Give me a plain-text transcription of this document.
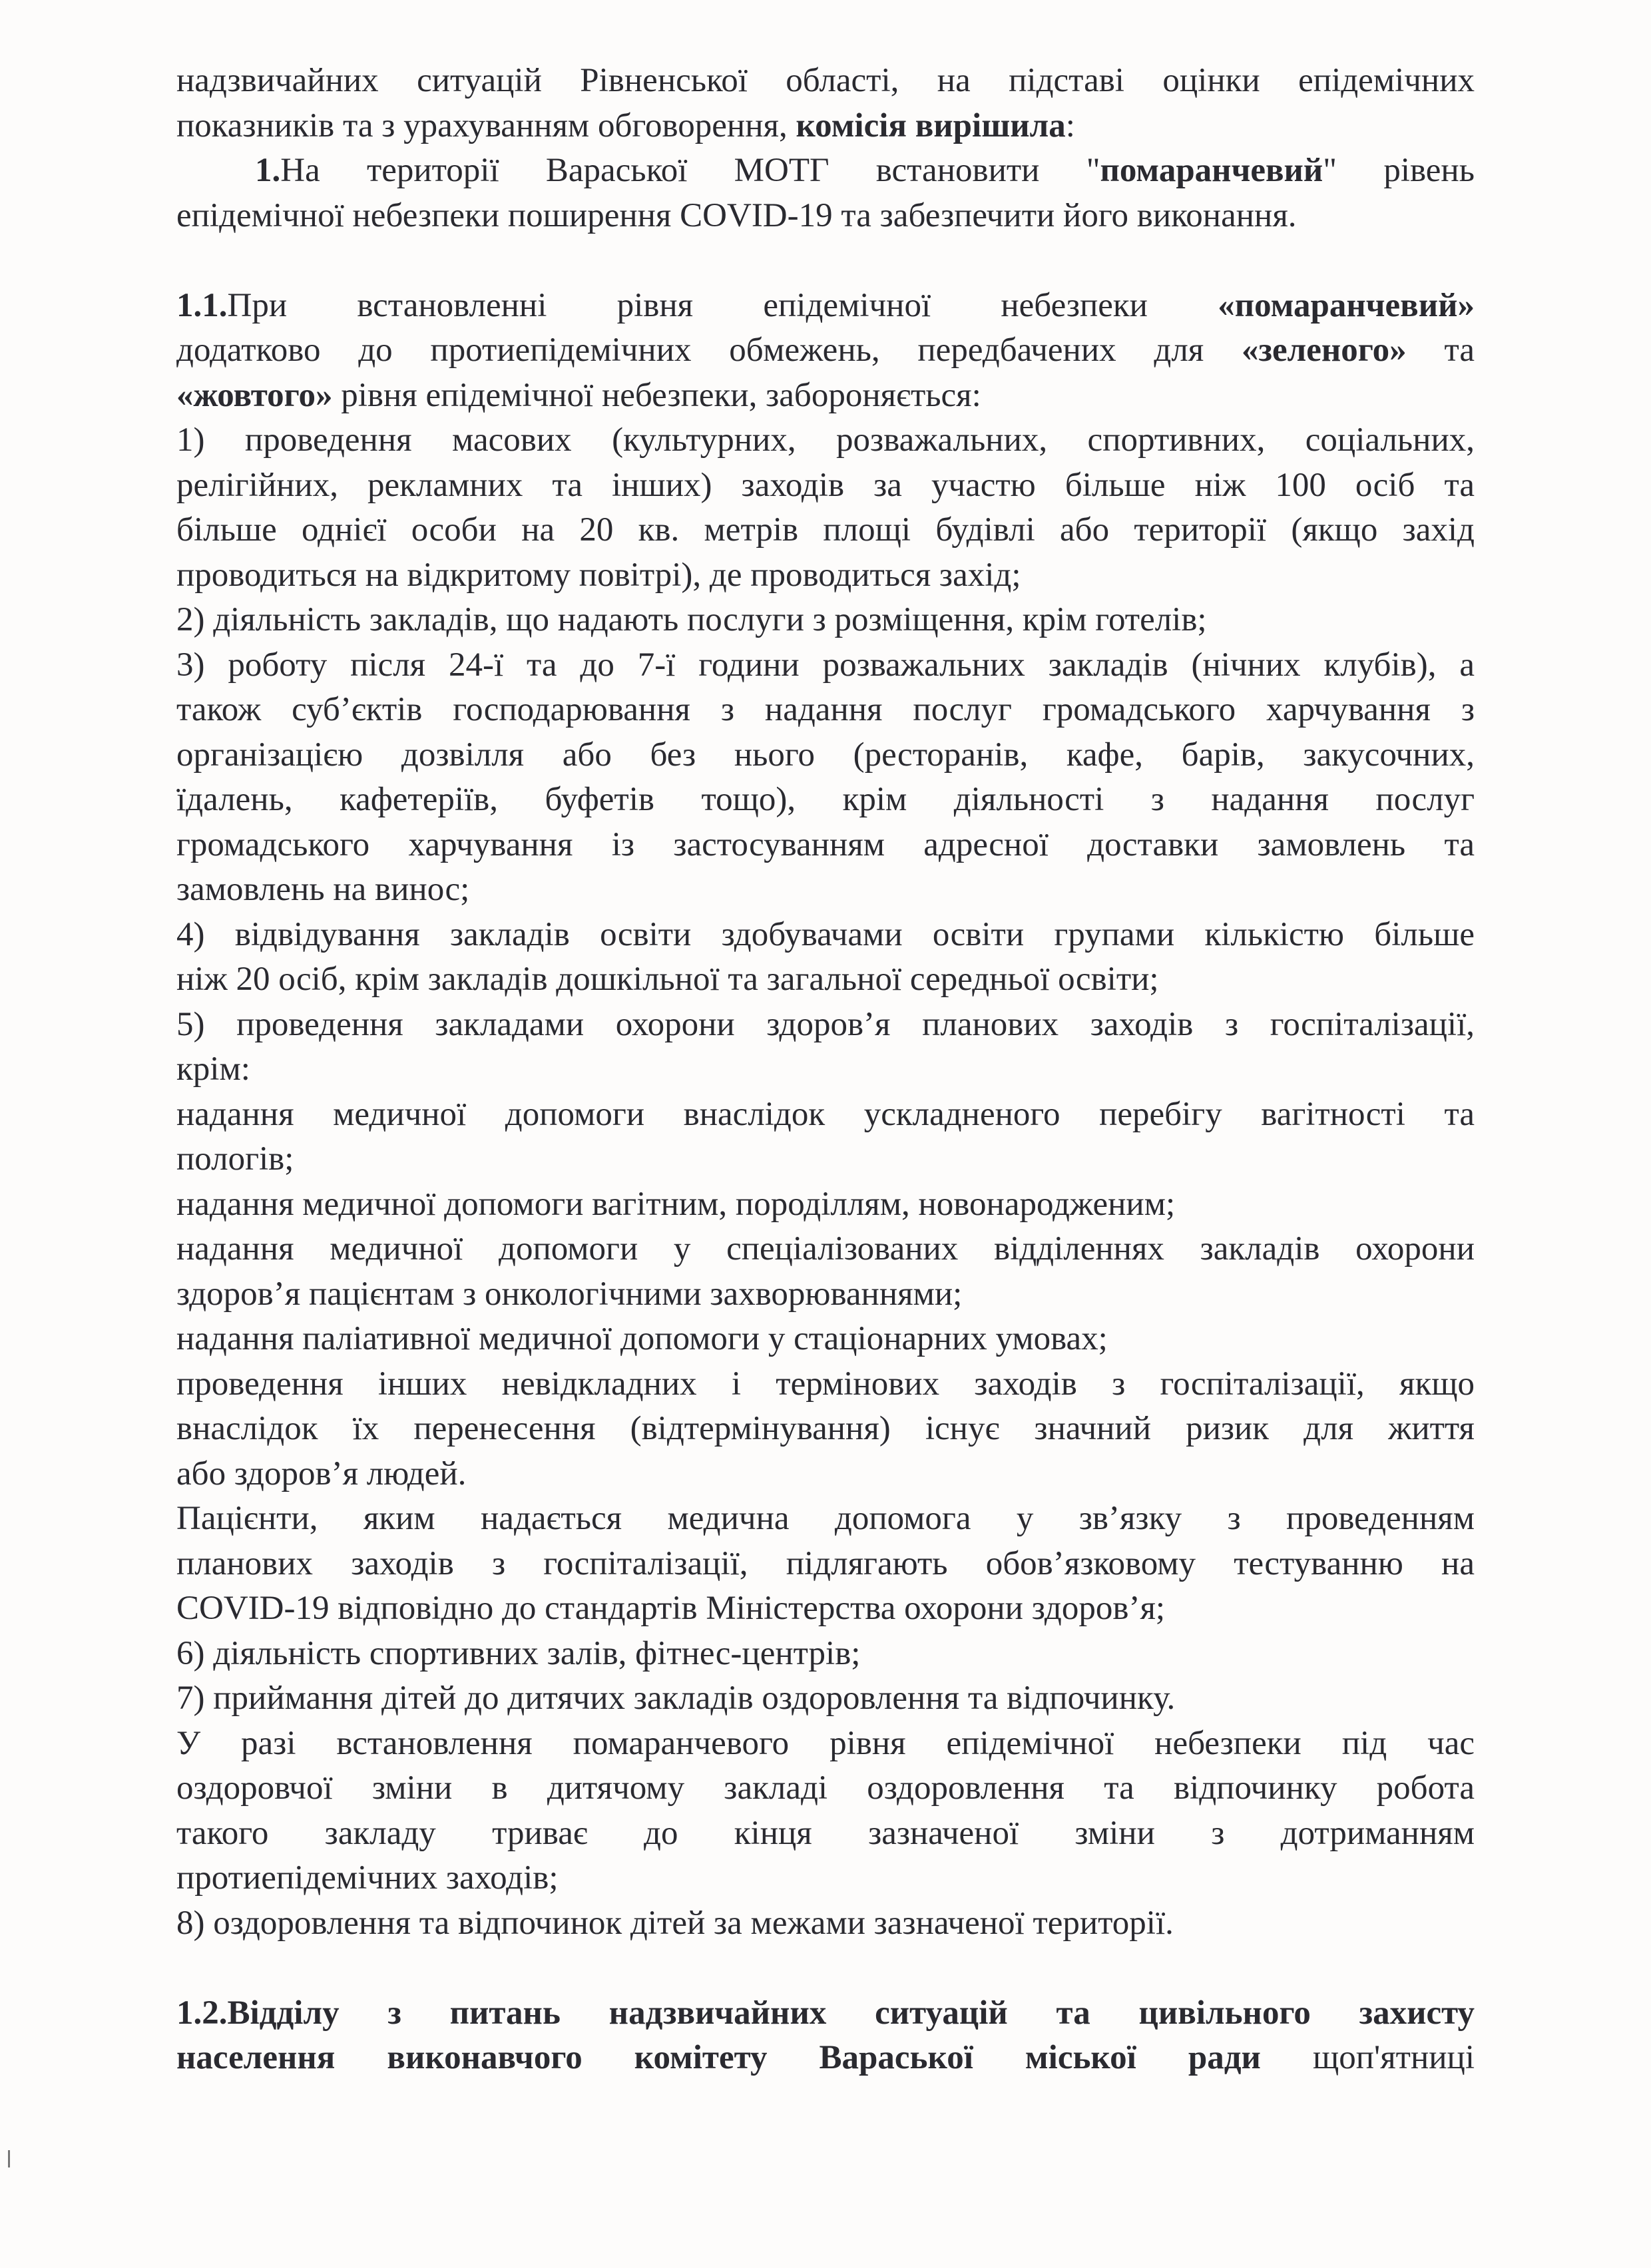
надзвичайних ситуацій Рівненської області, на підставі оцінки епідемічних
показників та з урахуванням обговорення, комісія вирішила:
1.На території Вараської МОТГ встановити "помаранчевий" рівень
епідемічної небезпеки поширення COVID-19 та забезпечити його виконання.
1.1.При встановленні рівня епідемічної небезпеки «помаранчевий»
додатково до протиепідемічних обмежень, передбачених для «зеленого» та
«жовтого» рівня епідемічної небезпеки, забороняється:
1) проведення масових (культурних, розважальних, спортивних, соціальних,
релігійних, рекламних та інших) заходів за участю більше ніж 100 осіб та
більше однієї особи на 20 кв. метрів площі будівлі або території (якщо захід
проводиться на відкритому повітрі), де проводиться захід;
2) діяльність закладів, що надають послуги з розміщення, крім готелів;
3) роботу після 24-ї та до 7-ї години розважальних закладів (нічних клубів), а
також суб’єктів господарювання з надання послуг громадського харчування з
організацією дозвілля або без нього (ресторанів, кафе, барів, закусочних,
їдалень, кафетеріїв, буфетів тощо), крім діяльності з надання послуг
громадського харчування із застосуванням адресної доставки замовлень та
замовлень на винос;
4) відвідування закладів освіти здобувачами освіти групами кількістю більше
ніж 20 осіб, крім закладів дошкільної та загальної середньої освіти;
5) проведення закладами охорони здоров’я планових заходів з госпіталізації,
крім:
надання медичної допомоги внаслідок ускладненого перебігу вагітності та
пологів;
надання медичної допомоги вагітним, породіллям, новонародженим;
надання медичної допомоги у спеціалізованих відділеннях закладів охорони
здоров’я пацієнтам з онкологічними захворюваннями;
надання паліативної медичної допомоги у стаціонарних умовах;
проведення інших невідкладних і термінових заходів з госпіталізації, якщо
внаслідок їх перенесення (відтермінування) існує значний ризик для життя
або здоров’я людей.
Пацієнти, яким надається медична допомога у зв’язку з проведенням
планових заходів з госпіталізації, підлягають обов’язковому тестуванню на
COVID-19 відповідно до стандартів Міністерства охорони здоров’я;
6) діяльність спортивних залів, фітнес-центрів;
7) приймання дітей до дитячих закладів оздоровлення та відпочинку.
У разі встановлення помаранчевого рівня епідемічної небезпеки під час
оздоровчої зміни в дитячому закладі оздоровлення та відпочинку робота
такого закладу триває до кінця зазначеної зміни з дотриманням
протиепідемічних заходів;
8) оздоровлення та відпочинок дітей за межами зазначеної території.
1.2.Відділу з питань надзвичайних ситуацій та цивільного захисту
населення виконавчого комітету Вараської міської ради щоп'ятниці
